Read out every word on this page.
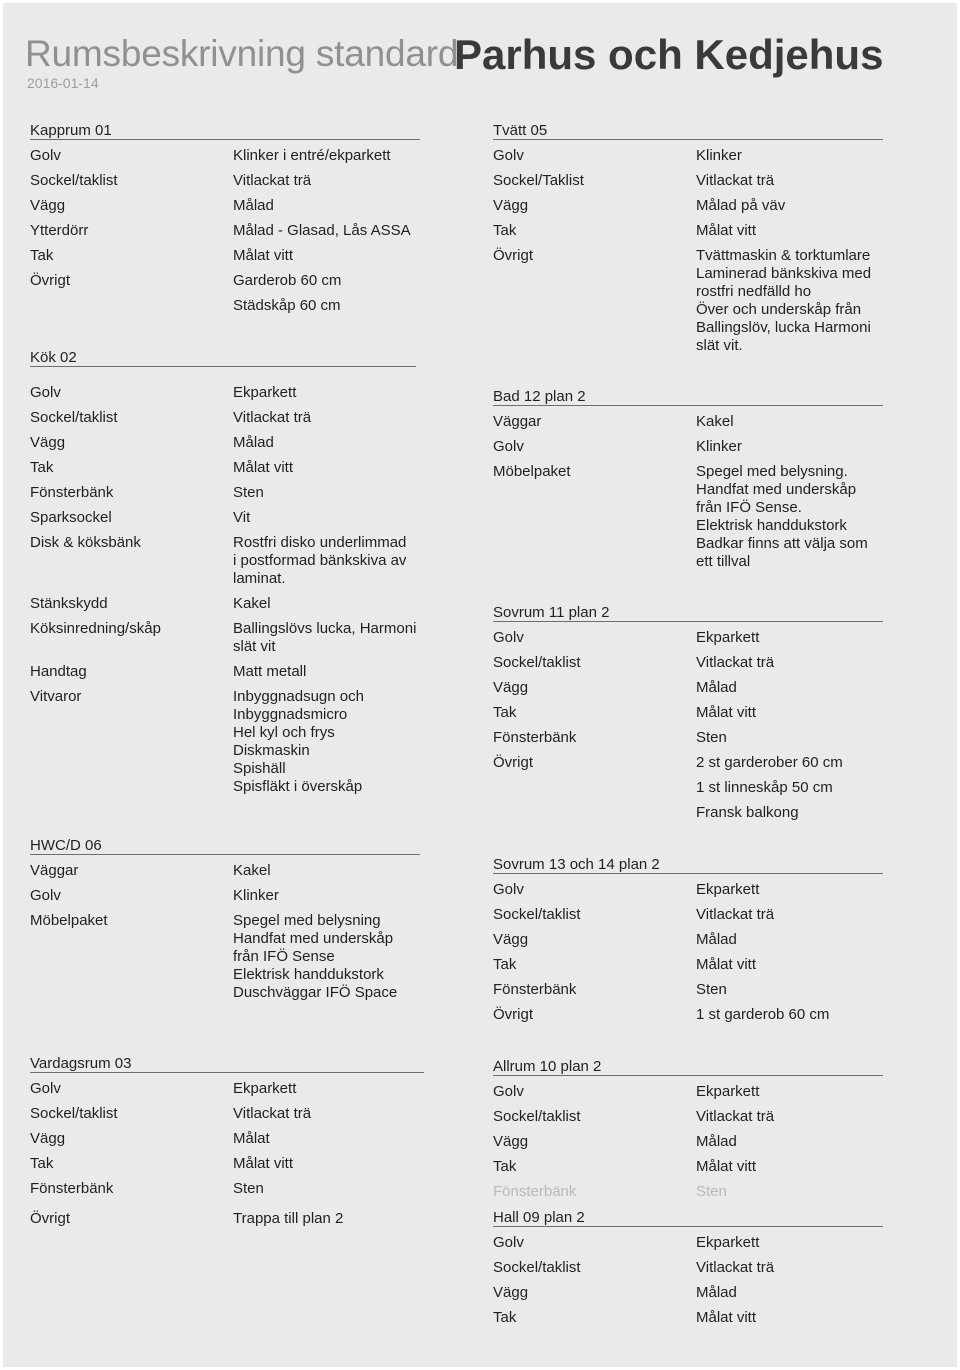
Rumsbeskrivning standard
Parhus och Kedjehus
2016-01-14
Kapprum 01
Golv	Klinker i entré/ekparkett
Sockel/taklist	Vitlackat trä
Vägg	Målad
Ytterdörr	Målad - Glasad, Lås ASSA
Tak	Målat vitt
Övrigt	Garderob 60 cm
Städskåp 60 cm
Kök 02
Golv	Ekparkett
Sockel/taklist	Vitlackat trä
Vägg	Målad
Tak	Målat vitt
Fönsterbänk	Sten
Sparksockel	Vit
Disk & köksbänk	Rostfri disko underlimmad
i postformad bänkskiva av
laminat.
Stänkskydd	Kakel
Köksinredning/skåp	Ballingslövs lucka, Harmoni
slät vit
Handtag	Matt metall
Vitvaror	Inbyggnadsugn och
Inbyggnadsmicro
Hel kyl och frys
Diskmaskin
Spishäll
Spisfläkt i överskåp
HWC/D 06
Väggar	Kakel
Golv	Klinker
Möbelpaket	Spegel med belysning
Handfat med underskåp
från IFÖ Sense
Elektrisk handdukstork
Duschväggar IFÖ Space
Vardagsrum 03
Golv	Ekparkett
Sockel/taklist	Vitlackat trä
Vägg	Målat
Tak	Målat vitt
Fönsterbänk	Sten
Övrigt	Trappa till plan 2
Tvätt 05
Golv	Klinker
Sockel/Taklist	Vitlackat trä
Vägg	Målad på väv
Tak	Målat vitt
Övrigt	Tvättmaskin & torktumlare
Laminerad bänkskiva med
rostfri nedfälld ho
Över och underskåp från
Ballingslöv, lucka Harmoni
slät vit.
Bad 12 plan 2
Väggar	Kakel
Golv	Klinker
Möbelpaket	Spegel med belysning.
Handfat med underskåp
från IFÖ Sense.
Elektrisk handdukstork
Badkar finns att välja som
ett tillval
Sovrum 11 plan 2
Golv	Ekparkett
Sockel/taklist	Vitlackat trä
Vägg	Målad
Tak	Målat vitt
Fönsterbänk	Sten
Övrigt	2 st garderober 60 cm
1 st linneskåp 50 cm
Fransk balkong
Sovrum 13 och 14 plan 2
Golv	Ekparkett
Sockel/taklist	Vitlackat trä
Vägg	Målad
Tak	Målat vitt
Fönsterbänk	Sten
Övrigt	1 st garderob 60 cm
Allrum 10 plan 2
Golv	Ekparkett
Sockel/taklist	Vitlackat trä
Vägg	Målad
Tak	Målat vitt
Fönsterbänk	Sten
Hall 09 plan 2
Golv	Ekparkett
Sockel/taklist	Vitlackat trä
Vägg	Målad
Tak	Målat vitt
